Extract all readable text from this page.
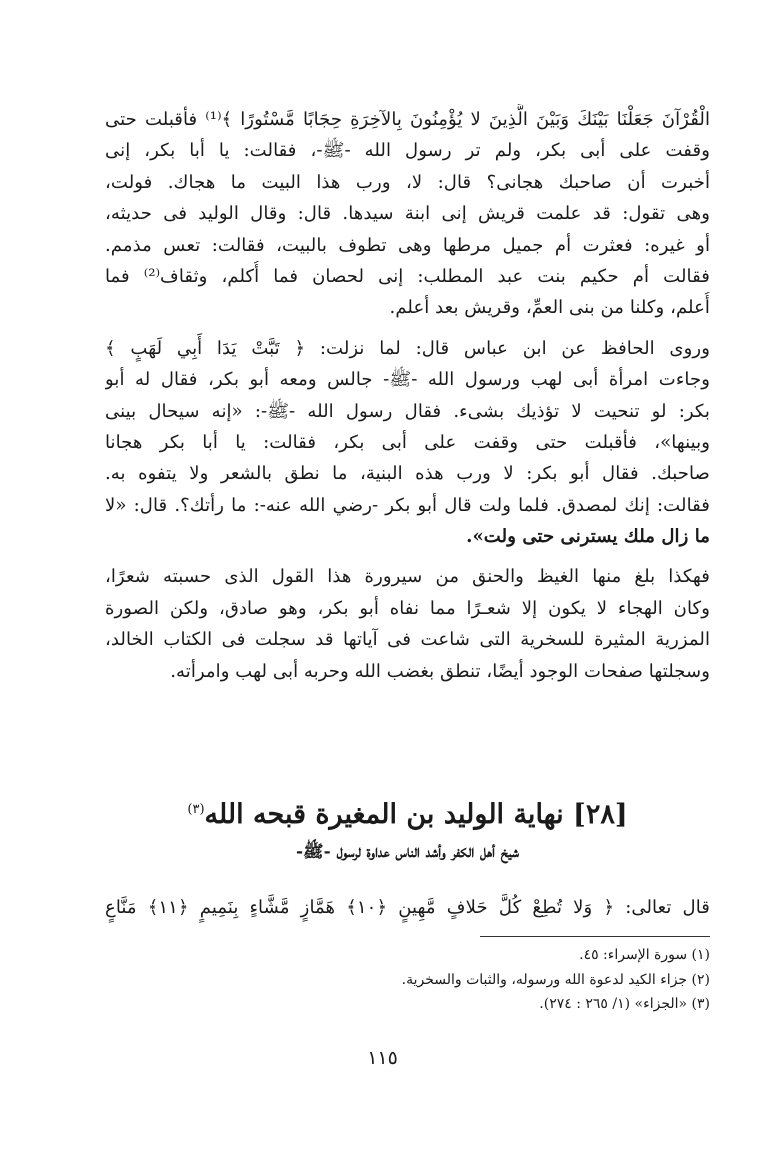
الْقُرْآنَ جَعَلْنَا بَيْنَكَ وَبَيْنَ الَّذِينَ لا يُؤْمِنُونَ بِالآخِرَةِ حِجَابًا مَّسْتُورًا ﴾⁽¹⁾ فأقبلت حتى
وقفت على أبى بكر، ولم تر رسول الله -ﷺ-، فقالت: يا أبا بكر، إنى
أخبرت أن صاحبك هجانى؟ قال: لا، ورب هذا البيت ما هجاك. فولت،
وهى تقول: قد علمت قريش إنى ابنة سيدها. قال: وقال الوليد فى حديثه،
أو غيره: فعثرت أم جميل مرطها وهى تطوف بالبيت، فقالت: تعس مذمم.
فقالت أم حكيم بنت عبد المطلب: إنى لحصان فما أُكلم، وثقاف⁽²⁾ فما
أُعلم، وكلنا من بنى العمِّ، وقريش بعد أعلم.
وروى الحافظ عن ابن عباس قال: لما نزلت: ﴿ تَبَّتْ يَدَا أَبِي لَهَبٍ ﴾
وجاءت امرأة أبى لهب ورسول الله -ﷺ- جالس ومعه أبو بكر، فقال له أبو
بكر: لو تنحيت لا تؤذيك بشىء. فقال رسول الله -ﷺ-: «إنه سيحال بينى
وبينها»، فأقبلت حتى وقفت على أبى بكر، فقالت: يا أبا بكر هجانا
صاحبك. فقال أبو بكر: لا ورب هذه البنية، ما نطق بالشعر ولا يتفوه به.
فقالت: إنك لمصدق. فلما ولت قال أبو بكر -رضي الله عنه-: ما رأتك؟. قال: «لا
ما زال ملك يسترنى حتى ولت».
فهكذا بلغ منها الغيظ والحنق من سيرورة هذا القول الذى حسبته شعرًا،
وكان الهجاء لا يكون إلا شعـرًا مما نفاه أبو بكر، وهو صادق، ولكن الصورة
المزرية المثيرة للسخرية التى شاعت فى آياتها قد سجلت فى الكتاب الخالد،
وسجلتها صفحات الوجود أيضًا، تنطق بغضب الله وحربه أبى لهب وامرأته.
[٢٨] نهاية الوليد بن المغيرة قبحه الله$^{(٣)}$
شيخ أهل الكفر وأشد الناس عداوة لرسول -ﷺ-
قال تعالى: ﴿ وَلا تُطِعْ كُلَّ حَلافٍ مَّهِينٍ ﴿١٠﴾ هَمَّازٍ مَّشَّاءٍ بِنَمِيمٍ ﴿١١﴾ مَنَّاعٍ
(١) سورة الإسراء: ٤٥.
(٢) جزاء الكيد لدعوة الله ورسوله، والثبات والسخرية.
(٣) «الجزاء» (١/ ٢٦٥ : ٢٧٤).
١١٥
